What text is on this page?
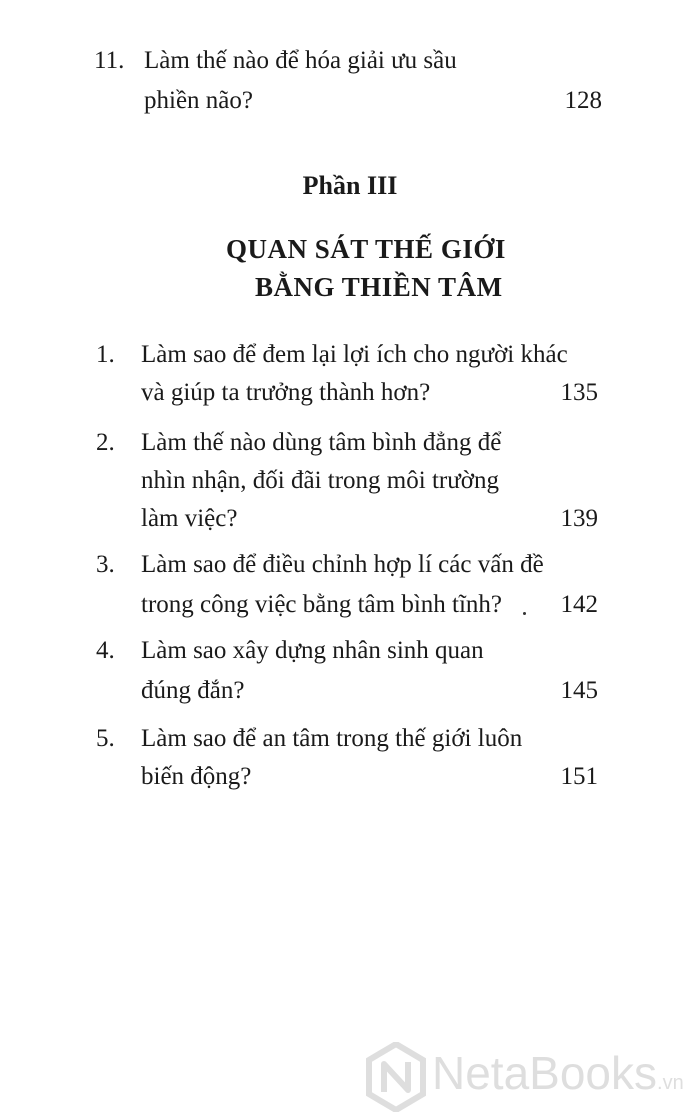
11. Làm thế nào để hóa giải ưu sầu
phiền não?	128
Phần III
QUAN SÁT THẾ GIỚI
BẰNG THIỀN TÂM
1. Làm sao để đem lại lợi ích cho người khác
và giúp ta trưởng thành hơn?	135
2. Làm thế nào dùng tâm bình đẳng để
nhìn nhận, đối đãi trong môi trường
làm việc?	139
3. Làm sao để điều chỉnh hợp lí các vấn đề
trong công việc bằng tâm bình tĩnh?	142
4. Làm sao xây dựng nhân sinh quan
đúng đắn?	145
5. Làm sao để an tâm trong thế giới luôn
biến động?	151
NetaBooks.vn
